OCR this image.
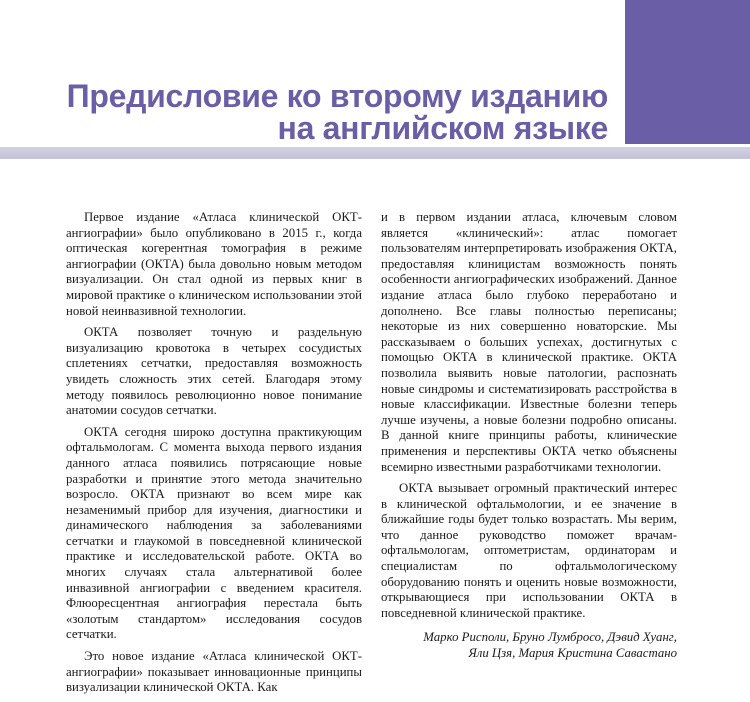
Предисловие ко второму изданию
на английском языке

Первое издание «Атласа клинической ОКТ-ангиографии» было опубликовано в 2015 г., когда оптическая когерентная томография в режиме ангиографии (ОКТА) была довольно новым методом визуализации. Он стал одной из первых книг в мировой практике о клиническом использовании этой новой неинвазивной технологии.

ОКТА позволяет точную и раздельную визуализацию кровотока в четырех сосудистых сплетениях сетчатки, предоставляя возможность увидеть сложность этих сетей. Благодаря этому методу появилось революционно новое понимание анатомии сосудов сетчатки.

ОКТА сегодня широко доступна практикующим офтальмологам. С момента выхода первого издания данного атласа появились потрясающие новые разработки и принятие этого метода значительно возросло. ОКТА признают во всем мире как незаменимый прибор для изучения, диагностики и динамического наблюдения за заболеваниями сетчатки и глаукомой в повседневной клинической практике и исследовательской работе. ОКТА во многих случаях стала альтернативой более инвазивной ангиографии с введением красителя. Флюоресцентная ангиография перестала быть «золотым стандартом» исследования сосудов сетчатки.

Это новое издание «Атласа клинической ОКТ-ангиографии» показывает инновационные принципы визуализации клинической ОКТА. Как

и в первом издании атласа, ключевым словом является «клинический»: атлас помогает пользователям интерпретировать изображения ОКТА, предоставляя клиницистам возможность понять особенности ангиографических изображений. Данное издание атласа было глубоко переработано и дополнено. Все главы полностью переписаны; некоторые из них совершенно новаторские. Мы рассказываем о больших успехах, достигнутых с помощью ОКТА в клинической практике. ОКТА позволила выявить новые патологии, распознать новые синдромы и систематизировать расстройства в новые классификации. Известные болезни теперь лучше изучены, а новые болезни подробно описаны. В данной книге принципы работы, клинические применения и перспективы ОКТА четко объяснены всемирно известными разработчиками технологии.

ОКТА вызывает огромный практический интерес в клинической офтальмологии, и ее значение в ближайшие годы будет только возрастать. Мы верим, что данное руководство поможет врачам-офтальмологам, оптометристам, ординаторам и специалистам по офтальмологическому оборудованию понять и оценить новые возможности, открывающиеся при использовании ОКТА в повседневной клинической практике.

Марко Рисполи, Бруно Лумбросо, Дэвид Хуанг,
Яли Цзя, Мария Кристина Савастано
